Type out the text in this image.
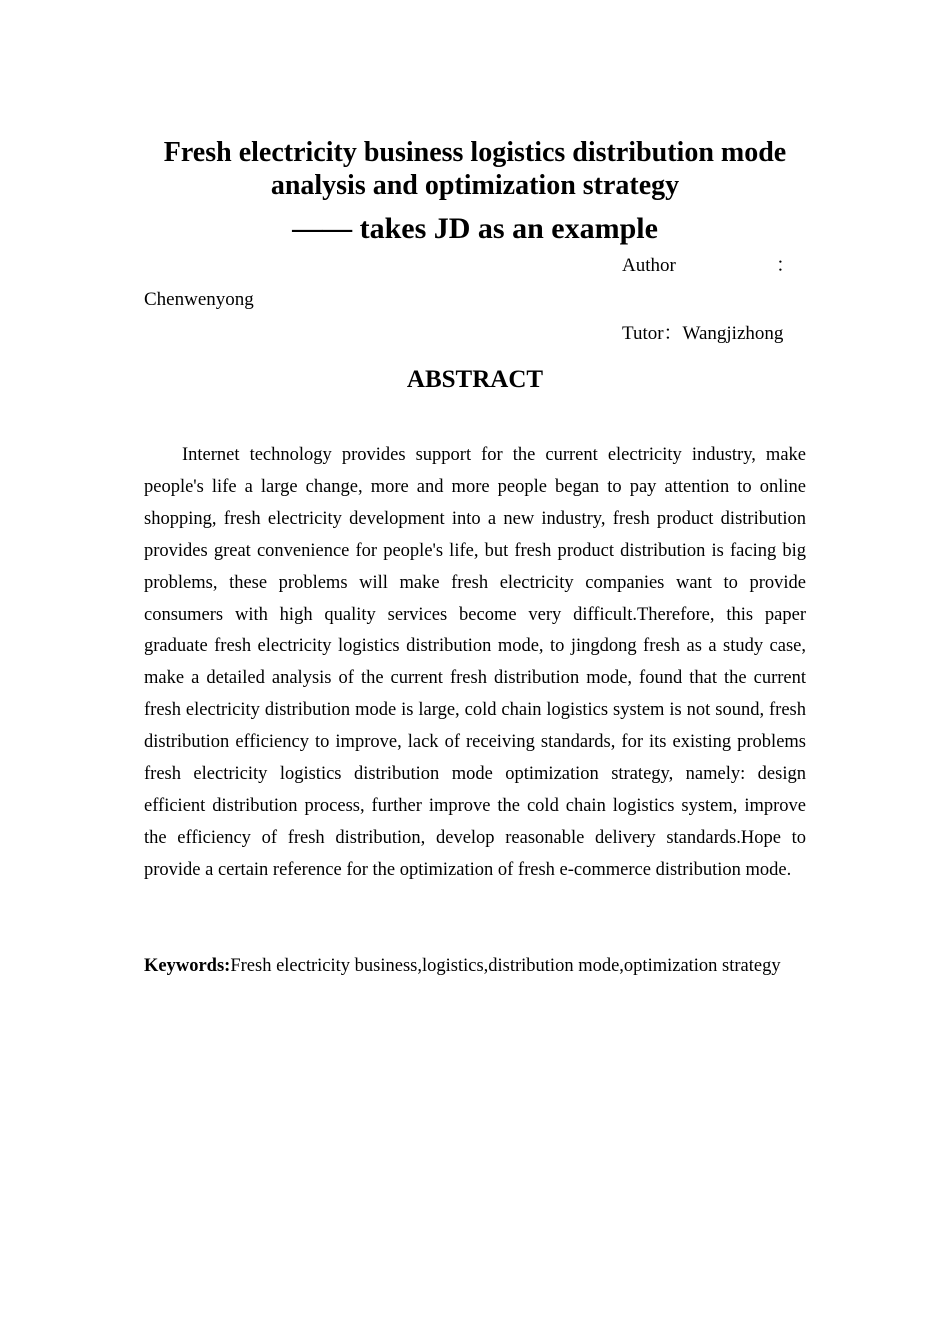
Fresh electricity business logistics distribution mode
analysis and optimization strategy
—— takes JD as an example
Author	：
Chenwenyong
Tutor：Wangjizhong
ABSTRACT

Internet technology provides support for the current electricity industry, make people's life a large change, more and more people began to pay attention to online shopping, fresh electricity development into a new industry, fresh product distribution provides great convenience for people's life, but fresh product distribution is facing big problems, these problems will make fresh electricity companies want to provide consumers with high quality services become very difficult.Therefore, this paper graduate fresh electricity logistics distribution mode, to jingdong fresh as a study case, make a detailed analysis of the current fresh distribution mode, found that the current fresh electricity distribution mode is large, cold chain logistics system is not sound, fresh distribution efficiency to improve, lack of receiving standards, for its existing problems fresh electricity logistics distribution mode optimization strategy, namely: design efficient distribution process, further improve the cold chain logistics system, improve the efficiency of fresh distribution, develop reasonable delivery standards.Hope to provide a certain reference for the optimization of fresh e-commerce distribution mode.

Keywords:Fresh electricity business,logistics,distribution mode,optimization strategy
